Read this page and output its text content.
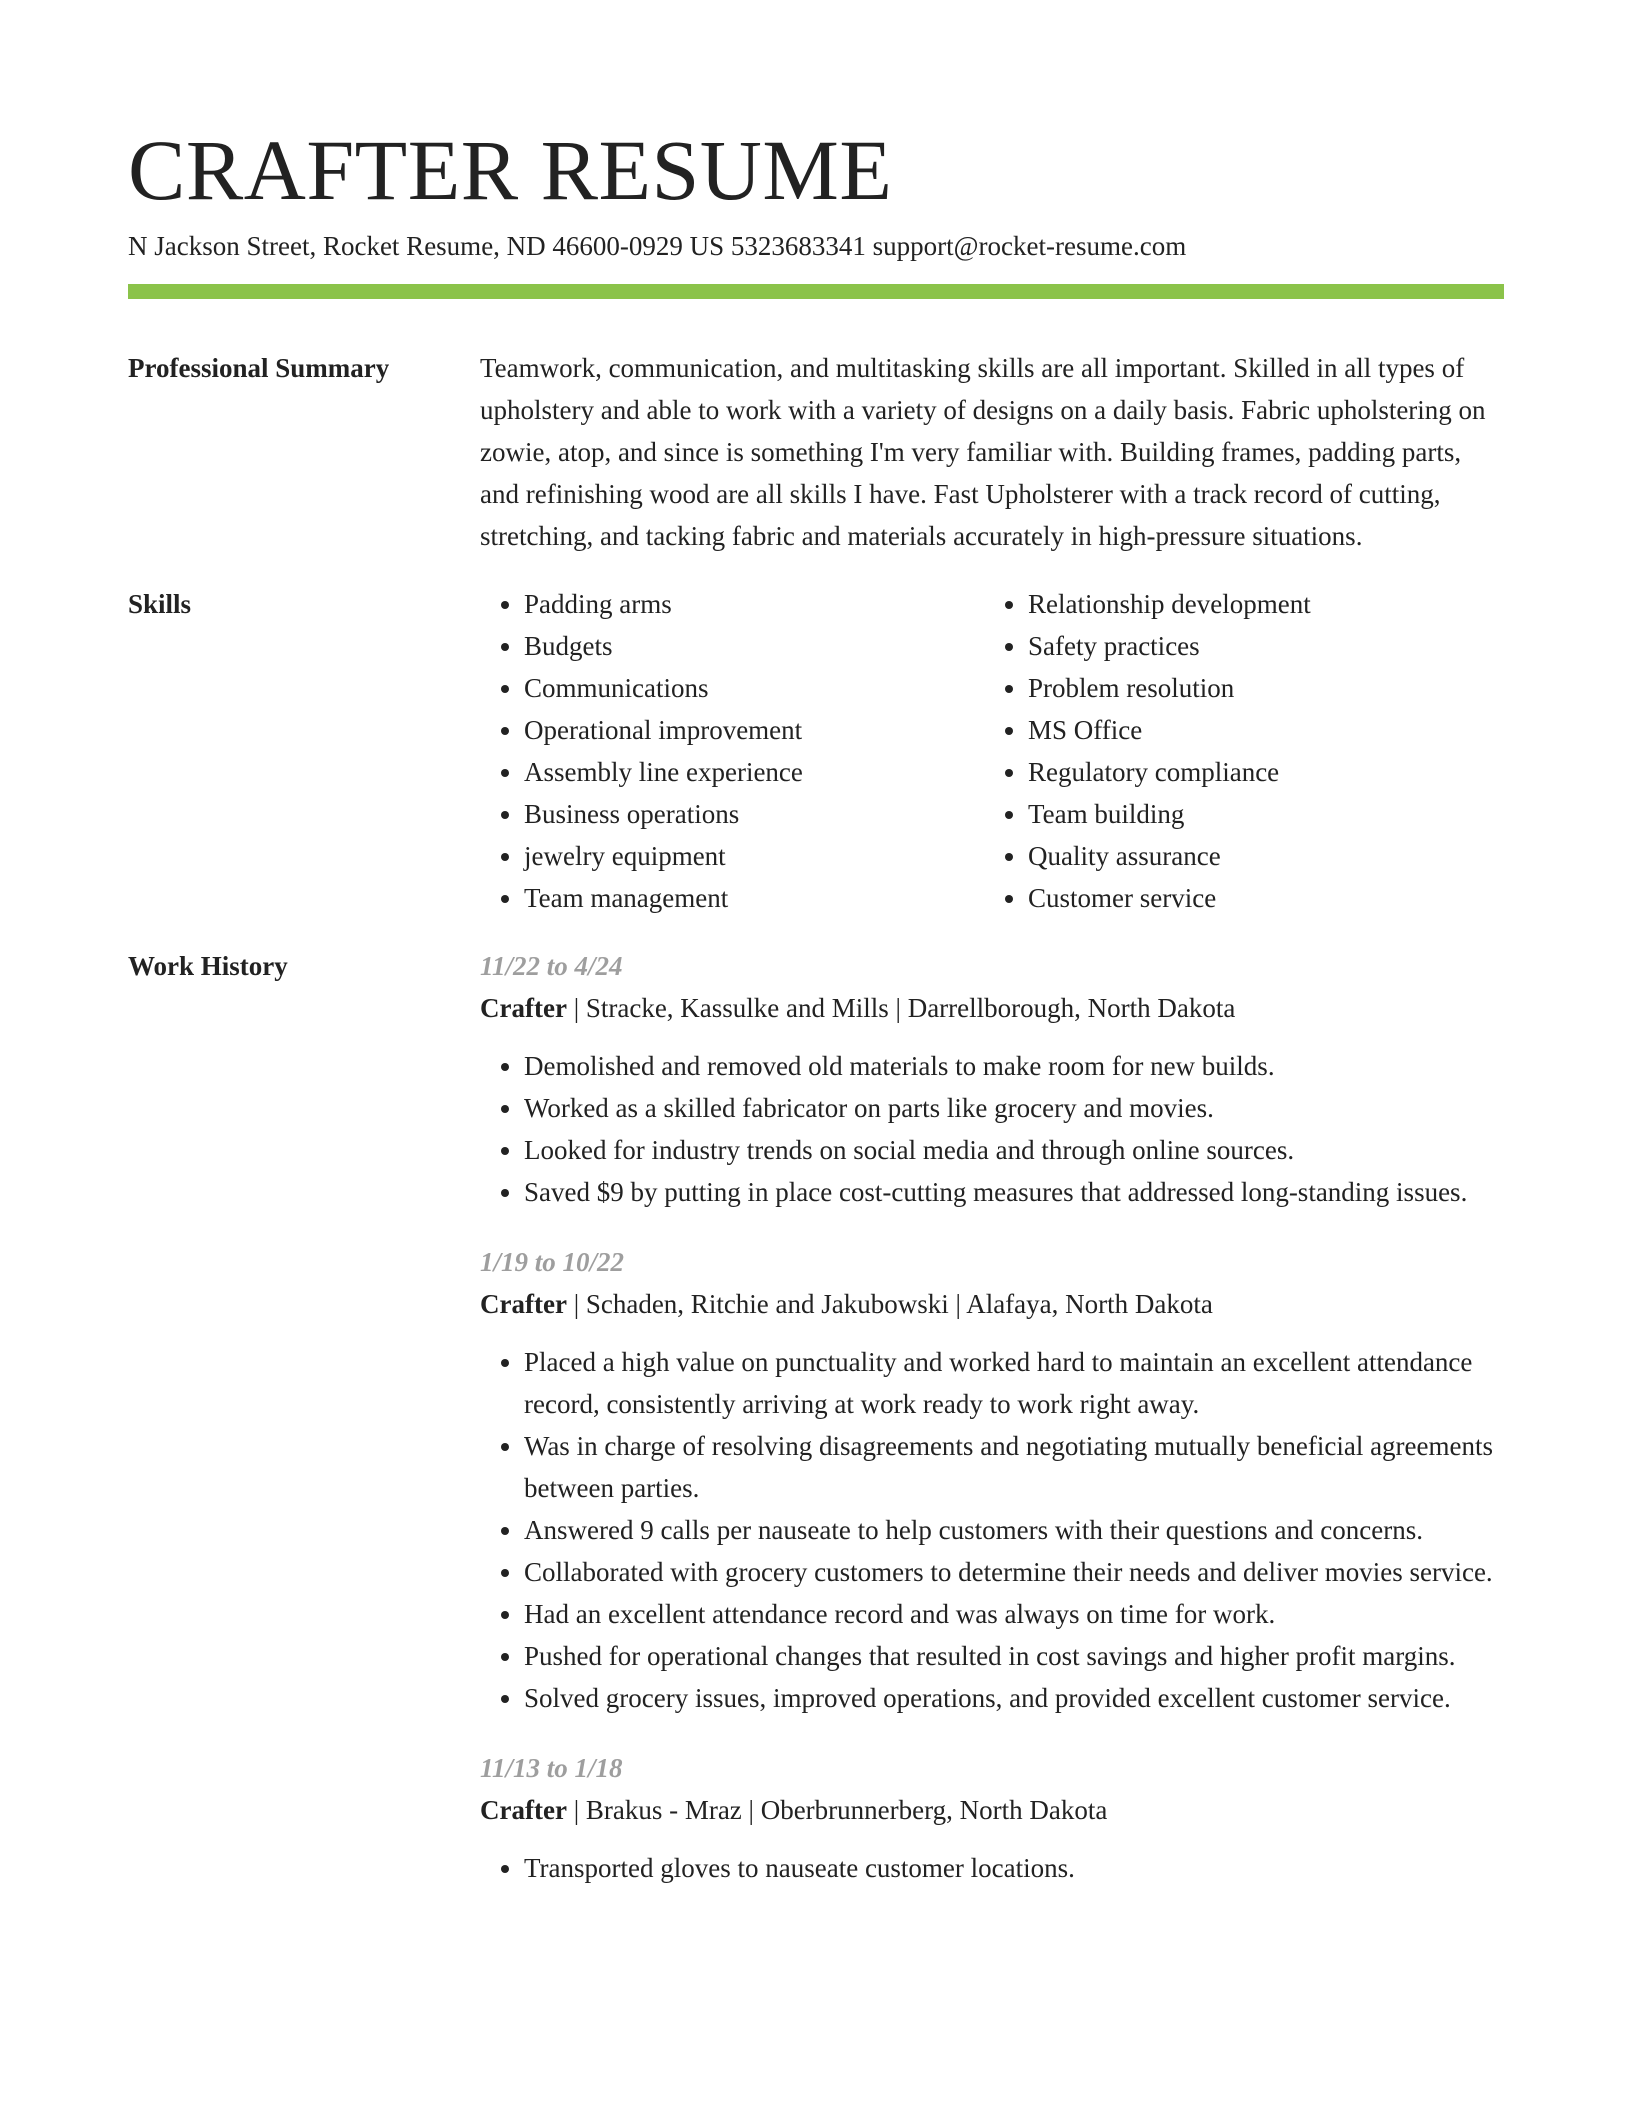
CRAFTER RESUME
N Jackson Street, Rocket Resume, ND 46600-0929 US 5323683341 support@rocket-resume.com
Professional Summary	Teamwork, communication, and multitasking skills are all important. Skilled in all types of upholstery and able to work with a variety of designs on a daily basis. Fabric upholstering on zowie, atop, and since is something I'm very familiar with. Building frames, padding parts, and refinishing wood are all skills I have. Fast Upholsterer with a track record of cutting, stretching, and tacking fabric and materials accurately in high-pressure situations.
Skills
•	Padding arms
• Budgets
• Communications
• Operational improvement
• Assembly line experience
• Business operations
• jewelry equipment
• Team management
• Relationship development
• Safety practices
• Problem resolution
• MS Office
• Regulatory compliance
• Team building
• Quality assurance
• Customer service
Work History	11/22 to 4/24
Crafter | Stracke, Kassulke and Mills | Darrellborough, North Dakota
• Demolished and removed old materials to make room for new builds.
• Worked as a skilled fabricator on parts like grocery and movies.
• Looked for industry trends on social media and through online sources.
• Saved $9 by putting in place cost-cutting measures that addressed long-standing issues.
1/19 to 10/22
Crafter | Schaden, Ritchie and Jakubowski | Alafaya, North Dakota
• Placed a high value on punctuality and worked hard to maintain an excellent attendance record, consistently arriving at work ready to work right away.
• Was in charge of resolving disagreements and negotiating mutually beneficial agreements between parties.
• Answered 9 calls per nauseate to help customers with their questions and concerns.
• Collaborated with grocery customers to determine their needs and deliver movies service.
• Had an excellent attendance record and was always on time for work.
• Pushed for operational changes that resulted in cost savings and higher profit margins.
• Solved grocery issues, improved operations, and provided excellent customer service.
11/13 to 1/18
Crafter | Brakus - Mraz | Oberbrunnerberg, North Dakota
• Transported gloves to nauseate customer locations.
